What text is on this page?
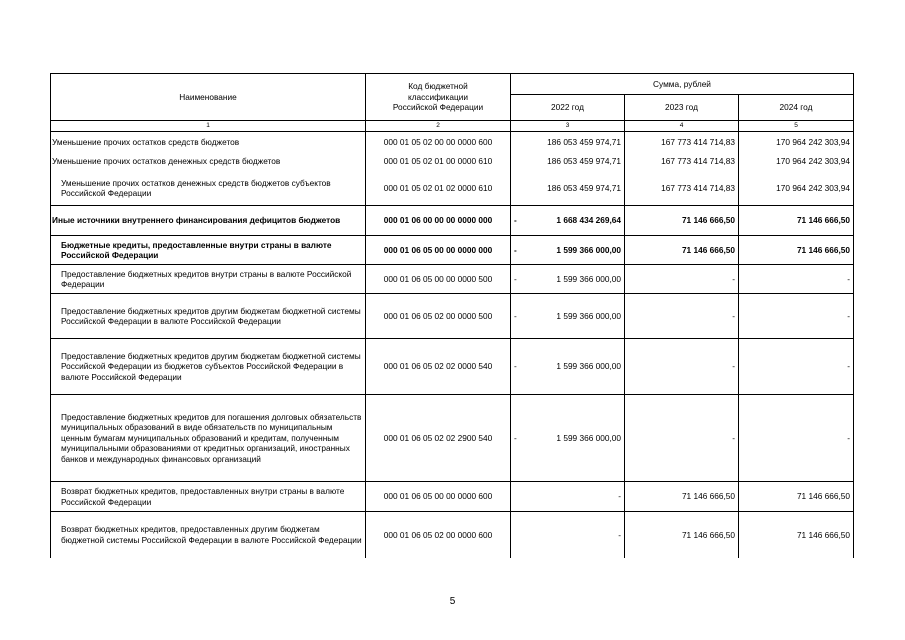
Наименование	Код бюджетной классификации Российской Федерации	Сумма, рублей		
		2022 год	2023 год	2024 год
1	2	3	4	5
Уменьшение прочих остатков средств бюджетов	000 01 05 02 00 00 0000 600	186 053 459 974,71	167 773 414 714,83	170 964 242 303,94
Уменьшение прочих остатков денежных средств бюджетов	000 01 05 02 01 00 0000 610	186 053 459 974,71	167 773 414 714,83	170 964 242 303,94
Уменьшение прочих остатков денежных средств бюджетов субъектов Российской Федерации	000 01 05 02 01 02 0000 610	186 053 459 974,71	167 773 414 714,83	170 964 242 303,94
Иные источники внутреннего финансирования дефицитов бюджетов	000 01 06 00 00 00 0000 000	- 1 668 434 269,64	71 146 666,50	71 146 666,50
Бюджетные кредиты, предоставленные внутри страны в валюте Российской Федерации	000 01 06 05 00 00 0000 000	- 1 599 366 000,00	71 146 666,50	71 146 666,50
Предоставление бюджетных кредитов внутри страны в валюте Российской Федерации	000 01 06 05 00 00 0000 500	- 1 599 366 000,00	-	-
Предоставление бюджетных кредитов другим бюджетам бюджетной системы Российской Федерации в валюте Российской Федерации	000 01 06 05 02 00 0000 500	- 1 599 366 000,00	-	-
Предоставление бюджетных кредитов другим бюджетам бюджетной системы Российской Федерации из бюджетов субъектов Российской Федерации в валюте Российской Федерации	000 01 06 05 02 02 0000 540	- 1 599 366 000,00	-	-
Предоставление бюджетных кредитов для погашения долговых обязательств муниципальных образований в виде обязательств по муниципальным ценным бумагам муниципальных образований и кредитам, полученным муниципальными образованиями от кредитных организаций, иностранных банков и международных финансовых организаций	000 01 06 05 02 02 2900 540	- 1 599 366 000,00	-	-
Возврат бюджетных кредитов, предоставленных внутри страны в валюте Российской Федерации	000 01 06 05 00 00 0000 600	-	71 146 666,50	71 146 666,50
Возврат бюджетных кредитов, предоставленных другим бюджетам бюджетной системы Российской Федерации в валюте Российской Федерации	000 01 06 05 02 00 0000 600	-	71 146 666,50	71 146 666,50
5
